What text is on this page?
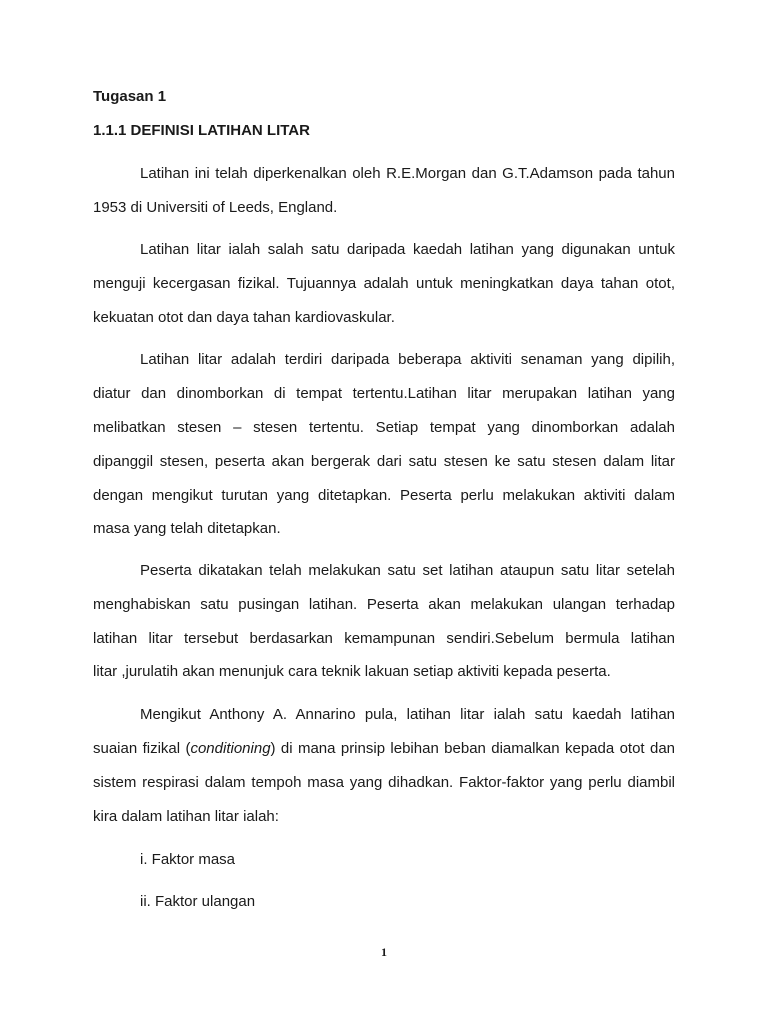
Tugasan 1
1.1.1 DEFINISI LATIHAN LITAR
Latihan ini telah diperkenalkan oleh R.E.Morgan dan G.T.Adamson pada tahun
1953 di Universiti of Leeds, England.
Latihan litar ialah salah satu daripada kaedah latihan yang digunakan untuk
menguji kecergasan fizikal. Tujuannya adalah untuk meningkatkan daya tahan otot,
kekuatan otot dan daya tahan kardiovaskular.
Latihan litar adalah terdiri daripada beberapa aktiviti senaman yang dipilih,
diatur dan dinomborkan di tempat tertentu.Latihan litar merupakan latihan yang
melibatkan stesen – stesen tertentu. Setiap tempat yang dinomborkan adalah
dipanggil stesen, peserta akan bergerak dari satu stesen ke satu stesen dalam litar
dengan mengikut turutan yang ditetapkan. Peserta perlu melakukan aktiviti dalam
masa yang telah ditetapkan.
Peserta dikatakan telah melakukan satu set latihan ataupun satu litar setelah
menghabiskan satu pusingan latihan. Peserta akan melakukan ulangan terhadap
latihan litar tersebut berdasarkan kemampunan sendiri.Sebelum bermula latihan
litar ,jurulatih akan menunjuk cara teknik lakuan setiap aktiviti kepada peserta.
Mengikut Anthony A. Annarino pula, latihan litar ialah satu kaedah latihan
suaian fizikal (conditioning) di mana prinsip lebihan beban diamalkan kepada otot dan
sistem respirasi dalam tempoh masa yang dihadkan. Faktor-faktor yang perlu diambil
kira dalam latihan litar ialah:
i. Faktor masa
ii. Faktor ulangan
1
